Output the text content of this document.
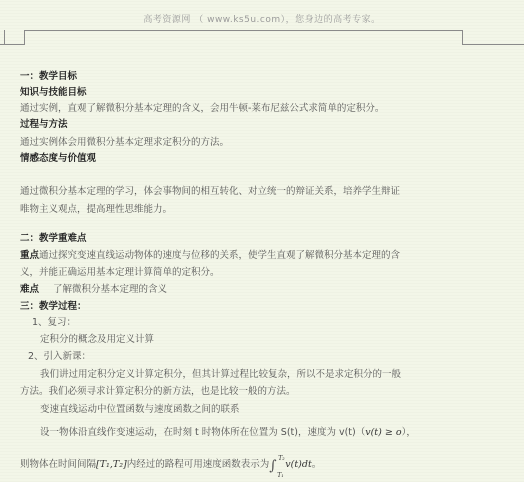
高考资源网 （ www.ks5u.com），您身边的高考专家。
一：教学目标
知识与技能目标
通过实例，直观了解微积分基本定理的含义，会用牛顿-莱布尼兹公式求简单的定积分。
过程与方法
通过实例体会用微积分基本定理求定积分的方法。
情感态度与价值观
通过微积分基本定理的学习，体会事物间的相互转化、对立统一的辩证关系，培养学生辩证
唯物主义观点，提高理性思维能力。
二：教学重难点
重点通过探究变速直线运动物体的速度与位移的关系，使学生直观了解微积分基本定理的含
义，并能正确运用基本定理计算简单的定积分。
难点 了解微积分基本定理的含义
三：教学过程：
1、复习：
定积分的概念及用定义计算
2、引入新课：
我们讲过用定积分定义计算定积分，但其计算过程比较复杂，所以不是求定积分的一般
方法。我们必须寻求计算定积分的新方法，也是比较一般的方法。
变速直线运动中位置函数与速度函数之间的联系
设一物体沿直线作变速运动，在时刻 t 时物体所在位置为 S(t)，速度为 v(t)（v(t) ≥ o），
则物体在时间间隔[T₁,T₂]内经过的路程可用速度函数表示为 ∫ T₂
T₁
v(t)dt。
